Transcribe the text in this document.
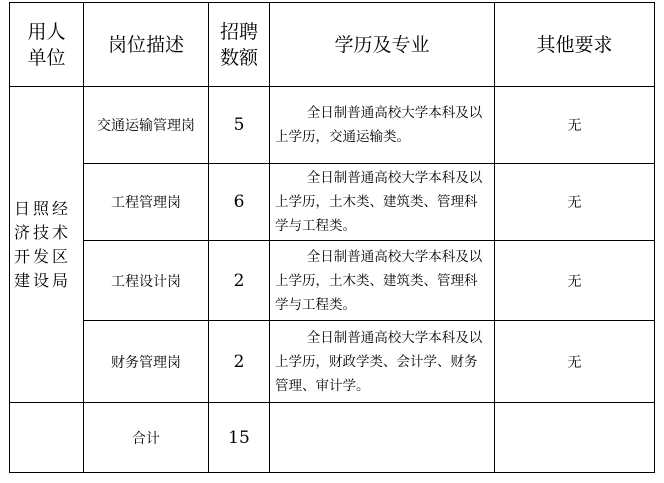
用人单位	岗位描述	招聘数额	学历及专业	其他要求

日照经济技术开发区建设局	交通运输管理岗	5	全日制普通高校大学本科及以上学历，交通运输类。	无
	工程管理岗	6	全日制普通高校大学本科及以上学历，土木类、建筑类、管理科学与工程类。	无
	工程设计岗	2	全日制普通高校大学本科及以上学历，土木类、建筑类、管理科学与工程类。	无
	财务管理岗	2	全日制普通高校大学本科及以上学历，财政学类、会计学、财务管理、审计学。	无
	合计	15		
